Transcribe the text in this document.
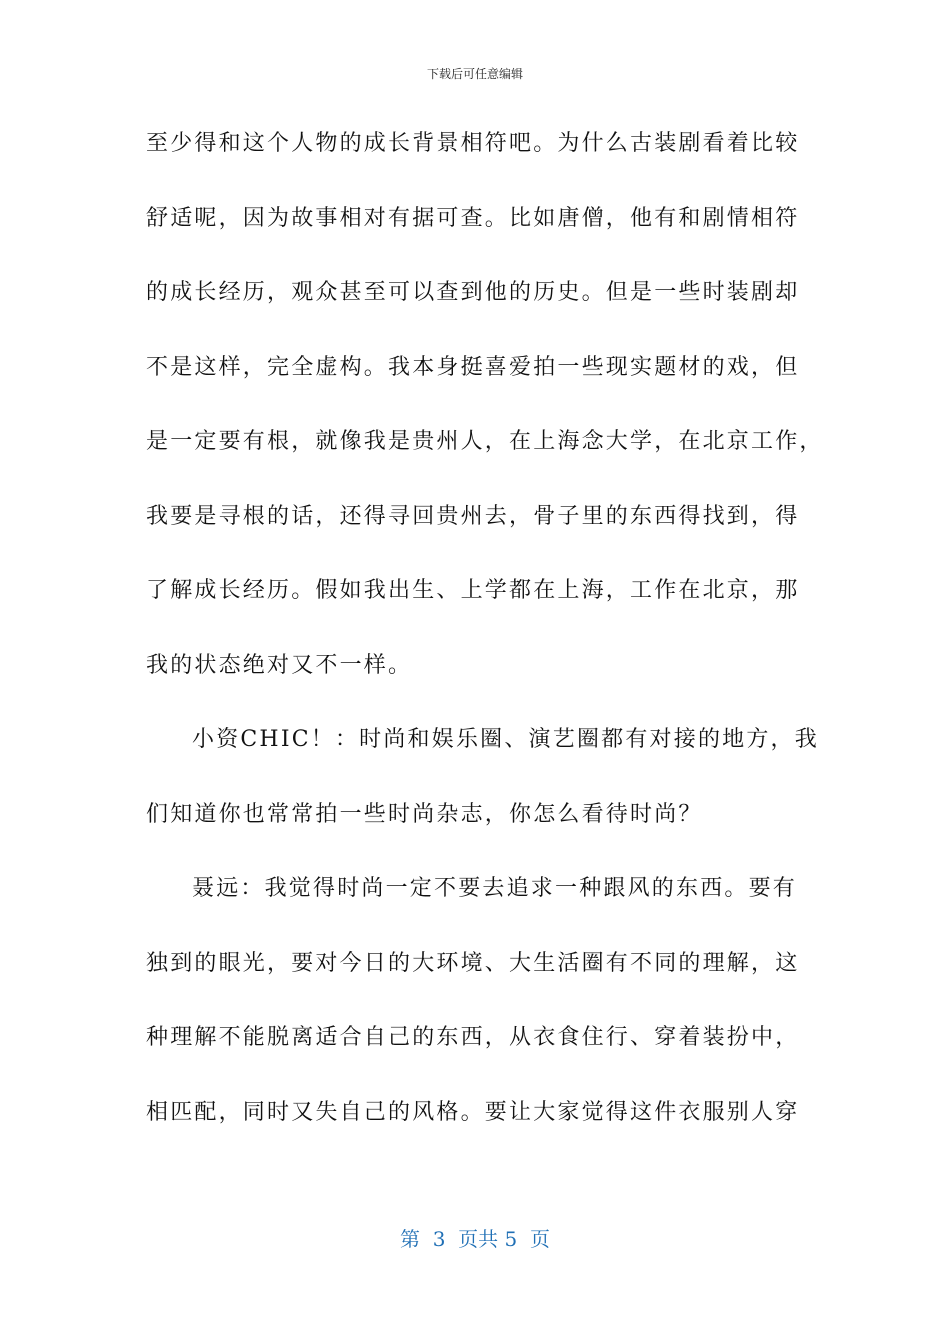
下载后可任意编辑
至少得和这个人物的成长背景相符吧。为什么古装剧看着比较
舒适呢，因为故事相对有据可查。比如唐僧，他有和剧情相符
的成长经历，观众甚至可以查到他的历史。但是一些时装剧却
不是这样，完全虚构。我本身挺喜爱拍一些现实题材的戏，但
是一定要有根，就像我是贵州人，在上海念大学，在北京工作，
我要是寻根的话，还得寻回贵州去，骨子里的东西得找到，得
了解成长经历。假如我出生、上学都在上海，工作在北京，那
我的状态绝对又不一样。
小资CHIC！：时尚和娱乐圈、演艺圈都有对接的地方，我
们知道你也常常拍一些时尚杂志，你怎么看待时尚？
聂远：我觉得时尚一定不要去追求一种跟风的东西。要有
独到的眼光，要对今日的大环境、大生活圈有不同的理解，这
种理解不能脱离适合自己的东西，从衣食住行、穿着装扮中，
相匹配，同时又失自己的风格。要让大家觉得这件衣服别人穿
第  3  页共 5  页
